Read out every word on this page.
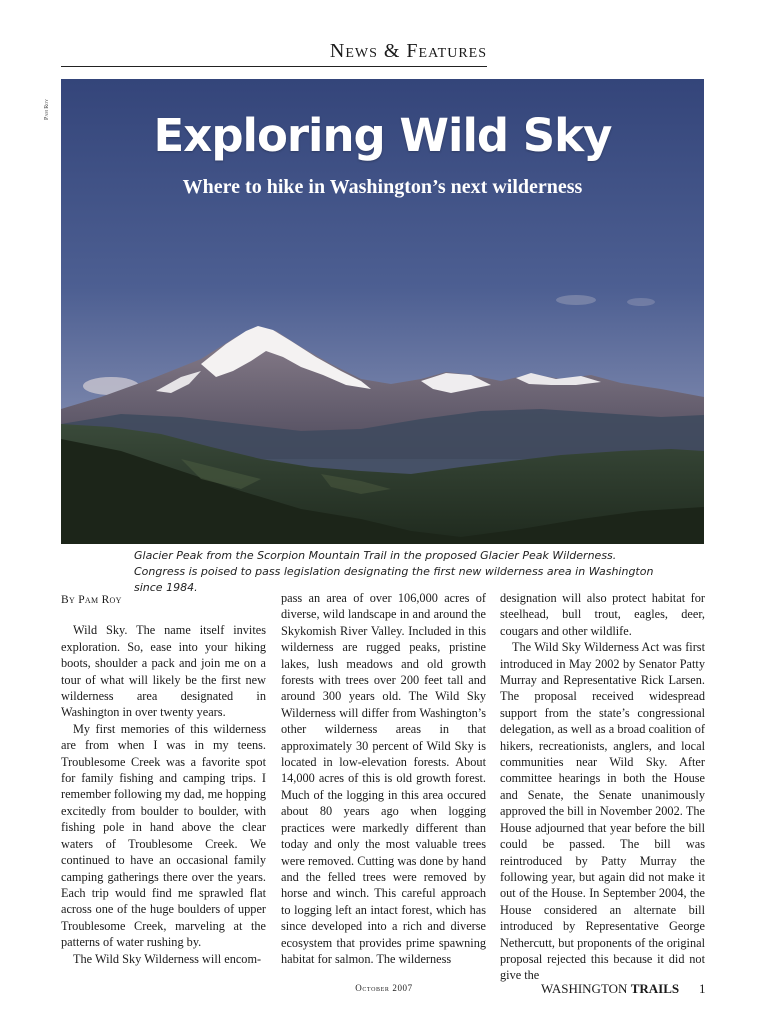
News & Features
Pam Roy	Exploring Wild Sky
Where to hike in Washington’s next wilderness
Glacier Peak from the Scorpion Mountain Trail in the proposed Glacier Peak Wilderness. Congress is poised to pass legislation designating the first new wilderness area in Washington since 1984.
By Pam Roy

Wild Sky. The name itself invites exploration. So, ease into your hiking boots, shoulder a pack and join me on a tour of what will likely be the first new wilderness area designated in Washington in over twenty years.

My first memories of this wilderness are from when I was in my teens. Troublesome Creek was a favorite spot for family fishing and camping trips. I remember following my dad, me hopping excitedly from boulder to boulder, with fishing pole in hand above the clear waters of Troublesome Creek. We continued to have an occasional family camping gatherings there over the years. Each trip would find me sprawled flat across one of the huge boulders of upper Troublesome Creek, marveling at the patterns of water rushing by.

The Wild Sky Wilderness will encom-

pass an area of over 106,000 acres of diverse, wild landscape in and around the Skykomish River Valley. Included in this wilderness are rugged peaks, pristine lakes, lush meadows and old growth forests with trees over 200 feet tall and around 300 years old. The Wild Sky Wilderness will differ from Washington’s other wilderness areas in that approximately 30 percent of Wild Sky is located in low-elevation forests. About 14,000 acres of this is old growth forest. Much of the logging in this area occured about 80 years ago when logging practices were markedly different than today and only the most valuable trees were removed. Cutting was done by hand and the felled trees were removed by horse and winch. This careful approach to logging left an intact forest, which has since developed into a rich and diverse ecosystem that provides prime spawning habitat for salmon. The wilderness

designation will also protect habitat for steelhead, bull trout, eagles, deer, cougars and other wildlife.

The Wild Sky Wilderness Act was first introduced in May 2002 by Senator Patty Murray and Representative Rick Larsen. The proposal received widespread support from the state’s congressional delegation, as well as a broad coalition of hikers, recreationists, anglers, and local communities near Wild Sky. After committee hearings in both the House and Senate, the Senate unanimously approved the bill in November 2002. The House adjourned that year before the bill could be passed. The bill was reintroduced by Patty Murray the following year, but again did not make it out of the House. In September 2004, the House considered an alternate bill introduced by Representative George Nethercutt, but proponents of the original proposal rejected this because it did not give the

October 2007	WASHINGTON TRAILS 1
